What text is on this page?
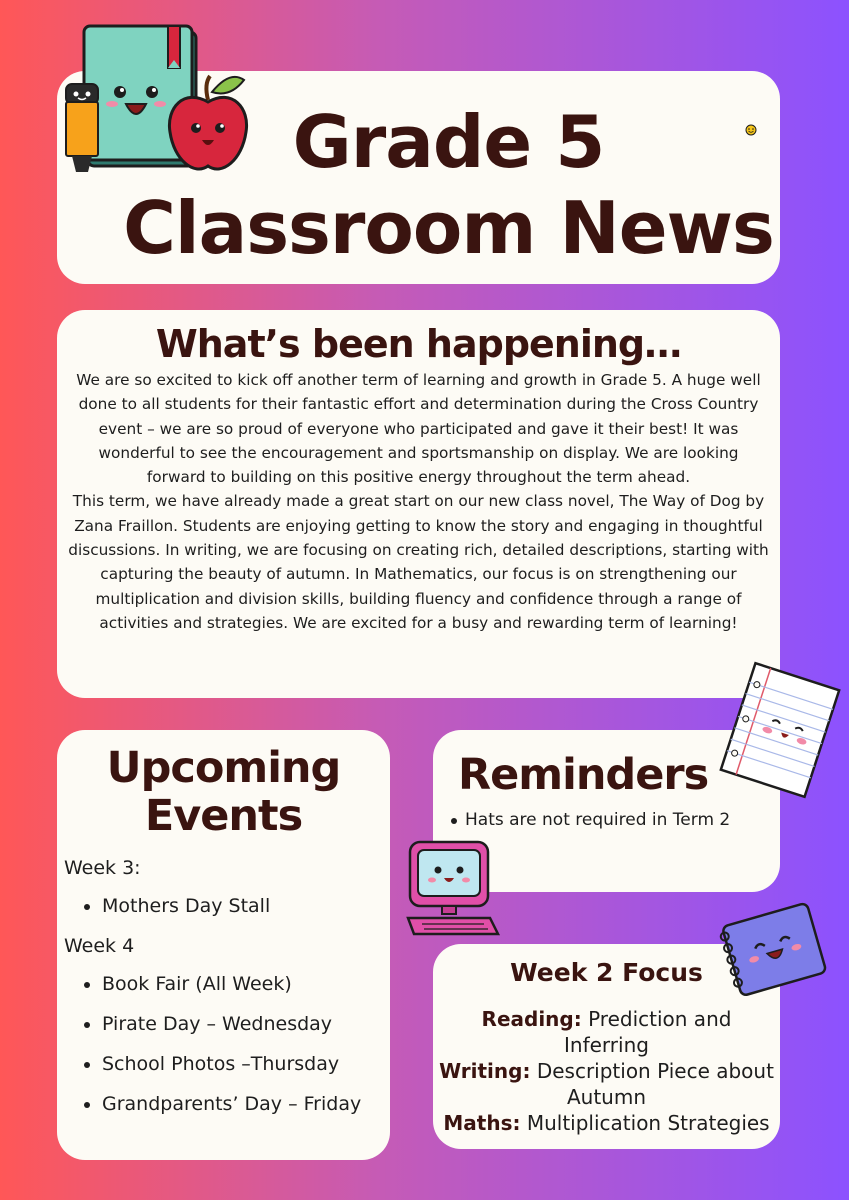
Grade 5
Classroom News
What’s been happening…

We are so excited to kick off another term of learning and growth in Grade 5. A huge well done to all students for their fantastic effort and determination during the Cross Country event – we are so proud of everyone who participated and gave it their best! It was wonderful to see the encouragement and sportsmanship on display. We are looking forward to building on this positive energy throughout the term ahead.

This term, we have already made a great start on our new class novel, The Way of Dog by Zana Fraillon. Students are enjoying getting to know the story and engaging in thoughtful discussions. In writing, we are focusing on creating rich, detailed descriptions, starting with capturing the beauty of autumn. In Mathematics, our focus is on strengthening our multiplication and division skills, building fluency and confidence through a range of activities and strategies. We are excited for a busy and rewarding term of learning!

Upcoming
Events
Week 3:
Mothers Day Stall
Week 4
Book Fair (All Week)
Pirate Day – Wednesday
School Photos –Thursday
Grandparents’ Day – Friday
Reminders
Hats are not required in Term 2
Week 2 Focus

Reading: Prediction and Inferring

Writing: Description Piece about Autumn

Maths: Multiplication Strategies
